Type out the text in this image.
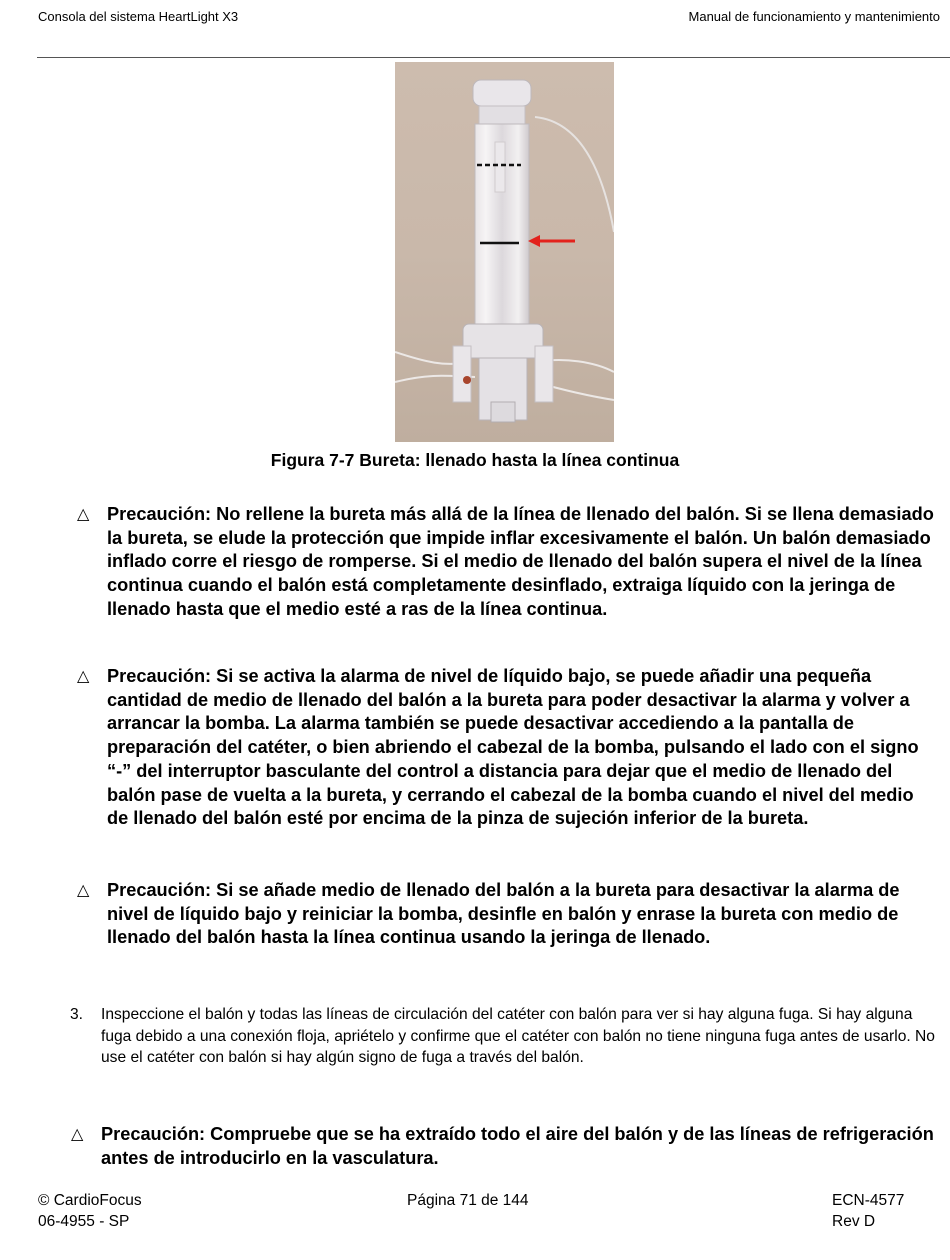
Consola del sistema HeartLight X3	Manual de funcionamiento y mantenimiento
Figura 7-7 Bureta: llenado hasta la línea continua
△ Precaución: No rellene la bureta más allá de la línea de llenado del balón. Si se llena demasiado la bureta, se elude la protección que impide inflar excesivamente el balón. Un balón demasiado inflado corre el riesgo de romperse. Si el medio de llenado del balón supera el nivel de la línea continua cuando el balón está completamente desinflado, extraiga líquido con la jeringa de llenado hasta que el medio esté a ras de la línea continua.
△ Precaución: Si se activa la alarma de nivel de líquido bajo, se puede añadir una pequeña cantidad de medio de llenado del balón a la bureta para poder desactivar la alarma y volver a arrancar la bomba. La alarma también se puede desactivar accediendo a la pantalla de preparación del catéter, o bien abriendo el cabezal de la bomba, pulsando el lado con el signo “-” del interruptor basculante del control a distancia para dejar que el medio de llenado del balón pase de vuelta a la bureta, y cerrando el cabezal de la bomba cuando el nivel del medio de llenado del balón esté por encima de la pinza de sujeción inferior de la bureta.
△ Precaución: Si se añade medio de llenado del balón a la bureta para desactivar la alarma de nivel de líquido bajo y reiniciar la bomba, desinfle en balón y enrase la bureta con medio de llenado del balón hasta la línea continua usando la jeringa de llenado.
3. Inspeccione el balón y todas las líneas de circulación del catéter con balón para ver si hay alguna fuga. Si hay alguna fuga debido a una conexión floja, apriételo y confirme que el catéter con balón no tiene ninguna fuga antes de usarlo. No use el catéter con balón si hay algún signo de fuga a través del balón.
△ Precaución: Compruebe que se ha extraído todo el aire del balón y de las líneas de refrigeración antes de introducirlo en la vasculatura.
© CardioFocus
06-4955 - SP
Página 71 de 144	ECN-4577
Rev D
